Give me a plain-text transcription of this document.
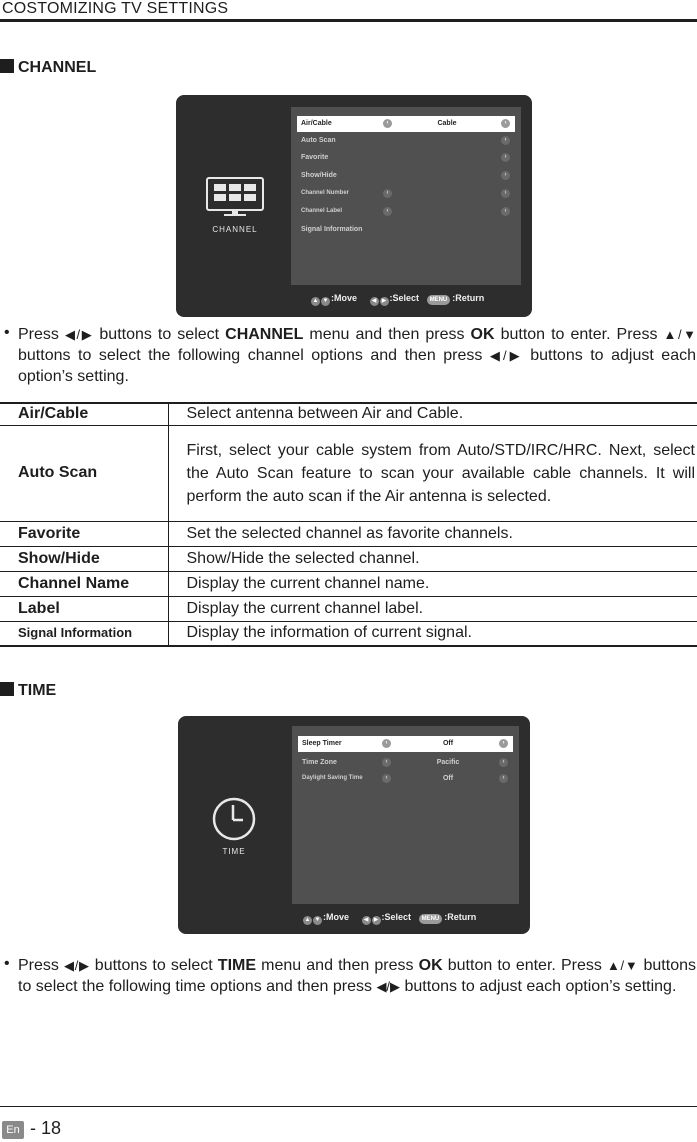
COSTOMIZING TV SETTINGS
CHANNEL
CHANNEL
Air/Cable	‹	Cable	›
Auto Scan	›
Favorite	›
Show/Hide	›
Channel Number	‹	›
Channel Label	‹	›
Signal Information
▲ ▼ :Move ◀ ▶ :Select MENU :Return
• Press ◀/▶ buttons to select CHANNEL menu and then press OK button to enter. Press ▲/▼ buttons to select the following channel options and then press ◀/▶ buttons to adjust each option’s setting.
Air/Cable	Select antenna between Air and Cable.
Auto Scan	First, select your cable system from Auto/STD/IRC/HRC. Next, select the Auto Scan feature to scan your available cable channels. It will perform the auto scan if the Air antenna is selected.
Favorite	Set the selected channel as favorite channels.
Show/Hide	Show/Hide the selected channel.
Channel Name	Display the current channel name.
Label	Display the current channel label.
Signal Information	Display the information of current signal.
TIME
TIME
Sleep Timer	‹	Off	›
Time Zone	‹	Pacific	›
Daylight Saving Time	‹	Off	›
▲ ▼ :Move ◀ ▶ :Select MENU :Return
• Press ◀/▶ buttons to select TIME menu and then press OK button to enter. Press ▲/▼ buttons to select the following time options and then press ◀/▶ buttons to adjust each option’s setting.
En - 18
